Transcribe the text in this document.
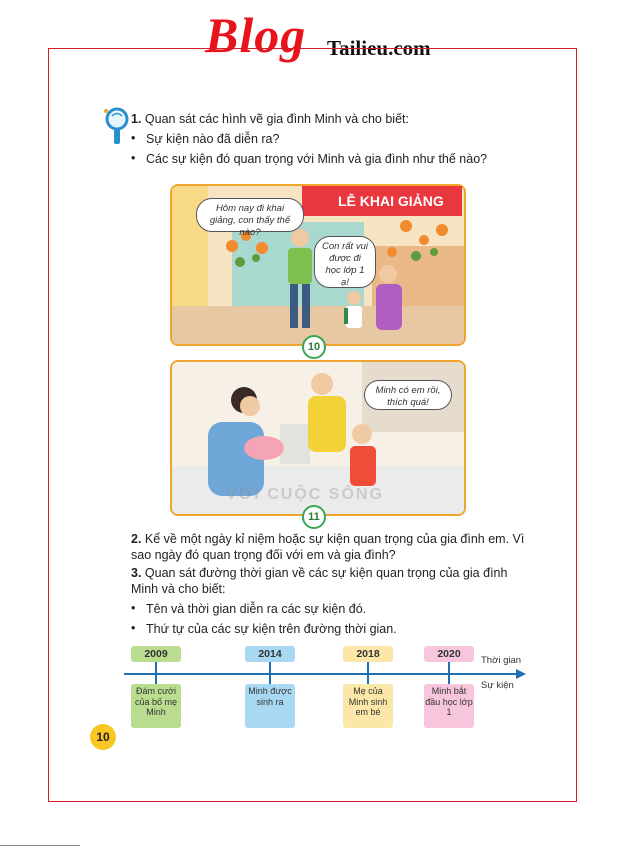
Blog Tailieu.com
1. Quan sát các hình vẽ gia đình Minh và cho biết:
• Sự kiện nào đã diễn ra?
• Các sự kiện đó quan trọng với Minh và gia đình như thế nào?
LỄ KHAI GIẢNG
Hôm nay đi khai giảng, con thấy thế nào?
Con rất vui được đi học lớp 1 ạ!
10
Minh có em rồi, thích quá!
VỚI CUỘC SỐNG
11
2. Kể về một ngày kỉ niệm hoặc sự kiện quan trọng của gia đình em. Vì sao ngày đó quan trọng đối với em và gia đình?
3. Quan sát đường thời gian về các sự kiện quan trọng của gia đình Minh và cho biết:
• Tên và thời gian diễn ra các sự kiện đó.
• Thứ tự của các sự kiện trên đường thời gian.
Thời gian
Sự kiện
2009
Đám cưới của bố mẹ Minh
2014
Minh được sinh ra
2018
Mẹ của Minh sinh em bé
2020
Minh bắt đầu học lớp 1
10
